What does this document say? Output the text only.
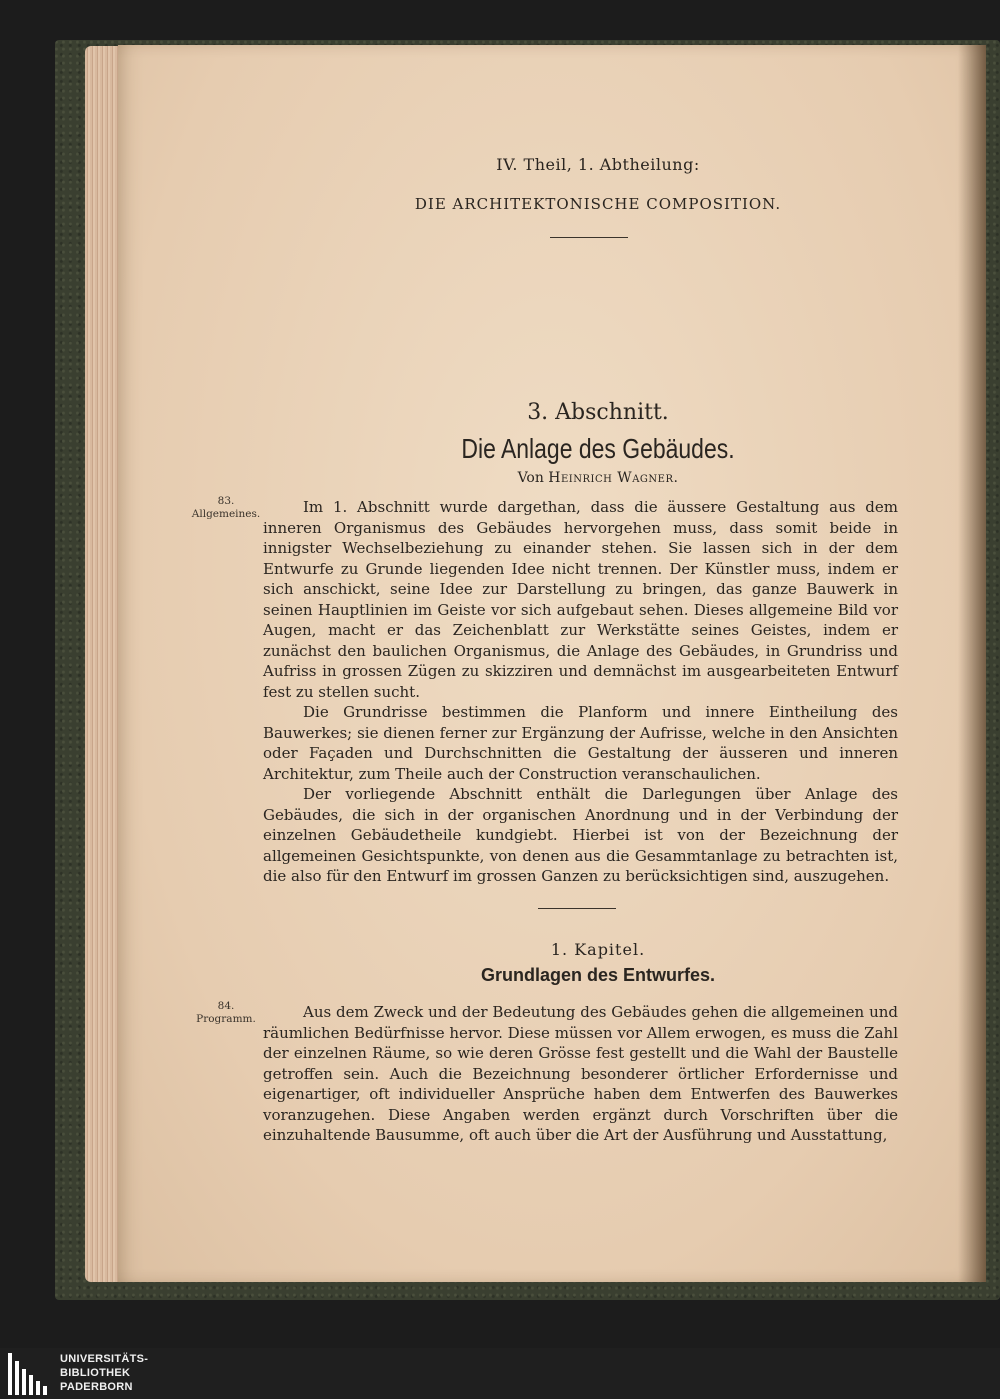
IV. Theil, 1. Abtheilung:
DIE ARCHITEKTONISCHE COMPOSITION.
3. Abschnitt.
Die Anlage des Gebäudes.
Von Heinrich Wagner.
83.
Allgemeines.	Im 1. Abschnitt wurde dargethan, dass die äussere Gestaltung aus dem inneren Organismus des Gebäudes hervorgehen muss, dass somit beide in innigster Wechselbeziehung zu einander stehen. Sie lassen sich in der dem Entwurfe zu Grunde liegenden Idee nicht trennen. Der Künstler muss, indem er sich anschickt, seine Idee zur Darstellung zu bringen, das ganze Bauwerk in seinen Hauptlinien im Geiste vor sich aufgebaut sehen. Dieses allgemeine Bild vor Augen, macht er das Zeichenblatt zur Werkstätte seines Geistes, indem er zunächst den baulichen Organismus, die Anlage des Gebäudes, in Grundriss und Aufriss in grossen Zügen zu skizziren und demnächst im ausgearbeiteten Entwurf fest zu stellen sucht.

Die Grundrisse bestimmen die Planform und innere Eintheilung des Bauwerkes; sie dienen ferner zur Ergänzung der Aufrisse, welche in den Ansichten oder Façaden und Durchschnitten die Gestaltung der äusseren und inneren Architektur, zum Theile auch der Construction veranschaulichen.

Der vorliegende Abschnitt enthält die Darlegungen über Anlage des Gebäudes, die sich in der organischen Anordnung und in der Verbindung der einzelnen Gebäudetheile kundgiebt. Hierbei ist von der Bezeichnung der allgemeinen Gesichtspunkte, von denen aus die Gesammtanlage zu betrachten ist, die also für den Entwurf im grossen Ganzen zu berücksichtigen sind, auszugehen.

1. Kapitel.
Grundlagen des Entwurfes.
84.
Programm.	Aus dem Zweck und der Bedeutung des Gebäudes gehen die allgemeinen und räumlichen Bedürfnisse hervor. Diese müssen vor Allem erwogen, es muss die Zahl der einzelnen Räume, so wie deren Grösse fest gestellt und die Wahl der Baustelle getroffen sein. Auch die Bezeichnung besonderer örtlicher Erfordernisse und eigenartiger, oft individueller Ansprüche haben dem Entwerfen des Bauwerkes voranzugehen. Diese Angaben werden ergänzt durch Vorschriften über die einzuhaltende Bausumme, oft auch über die Art der Ausführung und Ausstattung,

UNIVERSITÄTS-
BIBLIOTHEK
PADERBORN
